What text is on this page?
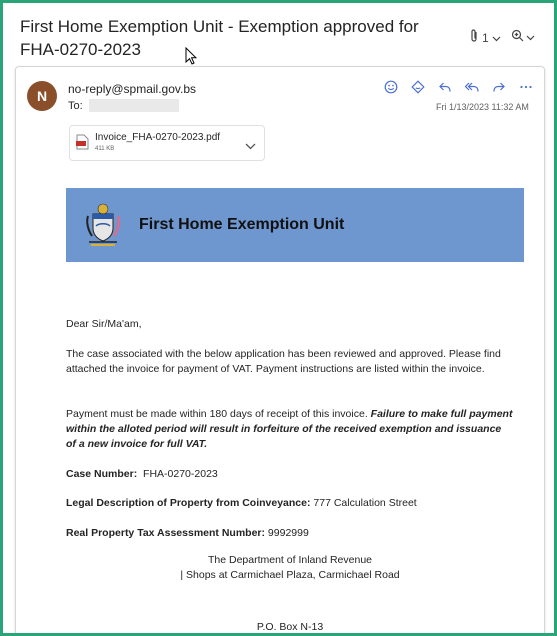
First Home Exemption Unit - Exemption approved for FHA-0270-2023
1
N	no-reply@spmail.gov.bs
To:	Fri 1/13/2023 11:32 AM
Invoice_FHA-0270-2023.pdf
411 KB
First Home Exemption Unit
Dear Sir/Ma'am,
The case associated with the below application has been reviewed and approved. Please find attached the invoice for payment of VAT. Payment instructions are listed within the invoice.
Payment must be made within 180 days of receipt of this invoice. Failure to make full payment within the alloted period will result in forfeiture of the received exemption and issuance of a new invoice for full VAT.
Case Number: FHA-0270-2023
Legal Description of Property from Coinveyance: 777 Calculation Street
Real Property Tax Assessment Number: 9992999
The Department of Inland Revenue
| Shops at Carmichael Plaza, Carmichael Road
P.O. Box N-13
